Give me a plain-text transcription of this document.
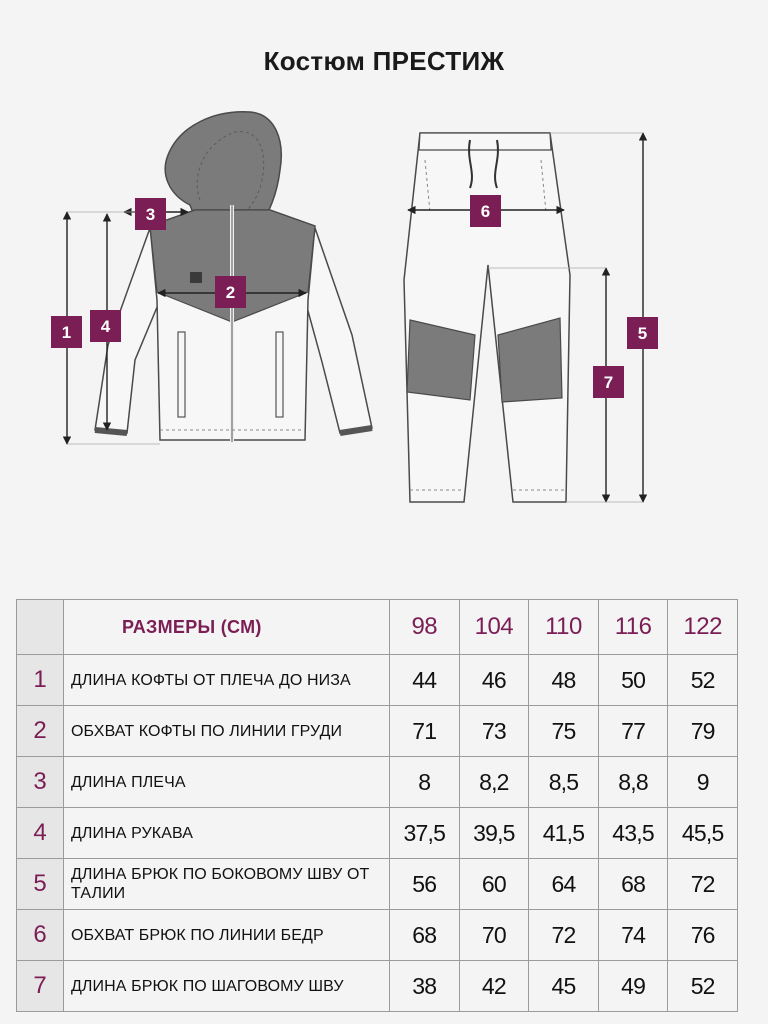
Костюм ПРЕСТИЖ
1 4
3
2
6
5
7
	РАЗМЕРЫ (СМ)	98	104	110	116	122
1	ДЛИНА КОФТЫ ОТ ПЛЕЧА ДО НИЗА	44	46	48	50	52
2	ОБХВАТ КОФТЫ ПО ЛИНИИ ГРУДИ	71	73	75	77	79
3	ДЛИНА ПЛЕЧА	8	8,2	8,5	8,8	9
4	ДЛИНА РУКАВА	37,5	39,5	41,5	43,5	45,5
5	ДЛИНА БРЮК ПО БОКОВОМУ ШВУ ОТ ТАЛИИ	56	60	64	68	72
6	ОБХВАТ БРЮК ПО ЛИНИИ БЕДР	68	70	72	74	76
7	ДЛИНА БРЮК ПО ШАГОВОМУ ШВУ	38	42	45	49	52
